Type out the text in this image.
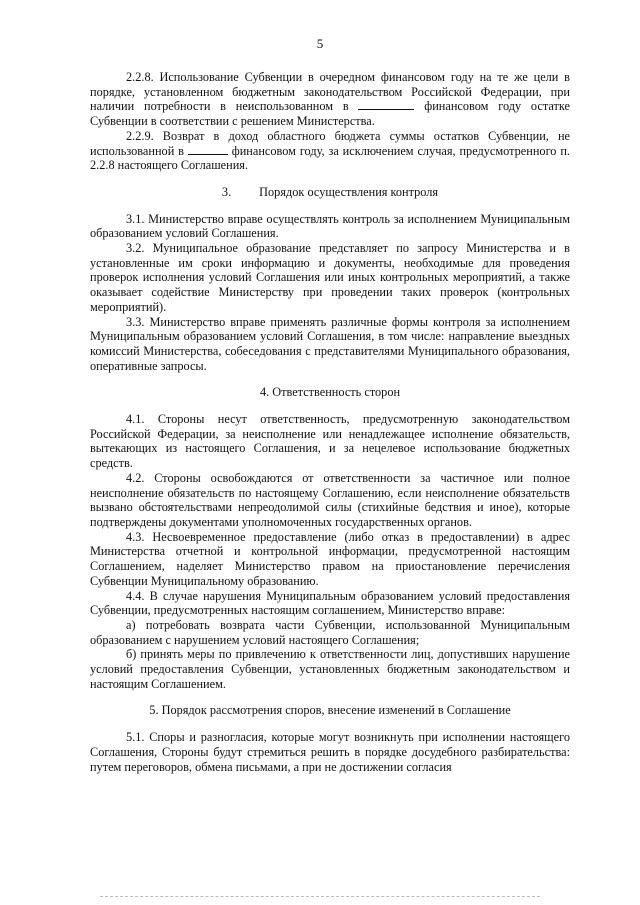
5

2.2.8. Использование Субвенции в очередном финансовом году на те же цели в порядке, установленном бюджетным законодательством Российской Федерации, при наличии потребности в неиспользованном в	финансовом году остатке Субвенции в соответствии с решением Министерства.

2.2.9. Возврат в доход областного бюджета суммы остатков Субвенции, не использованной в	финансовом году, за исключением случая, предусмотренного п. 2.2.8 настоящего Соглашения.

3. Порядок осуществления контроля

3.1. Министерство вправе осуществлять контроль за исполнением Муниципальным образованием условий Соглашения.

3.2. Муниципальное образование представляет по запросу Министерства и в установленные им сроки информацию и документы, необходимые для проведения проверок исполнения условий Соглашения или иных контрольных мероприятий, а также оказывает содействие Министерству при проведении таких проверок (контрольных мероприятий).

3.3. Министерство вправе применять различные формы контроля за исполнением Муниципальным образованием условий Соглашения, в том числе: направление выездных комиссий Министерства, собеседования с представителями Муниципального образования, оперативные запросы.

4. Ответственность сторон

4.1. Стороны несут ответственность, предусмотренную законодательством Российской Федерации, за неисполнение или ненадлежащее исполнение обязательств, вытекающих из настоящего Соглашения, и за нецелевое использование бюджетных средств.

4.2. Стороны освобождаются от ответственности за частичное или полное неисполнение обязательств по настоящему Соглашению, если неисполнение обязательств вызвано обстоятельствами непреодолимой силы (стихийные бедствия и иное), которые подтверждены документами уполномоченных государственных органов.

4.3. Несвоевременное предоставление (либо отказ в предоставлении) в адрес Министерства отчетной и контрольной информации, предусмотренной настоящим Соглашением, наделяет Министерство правом на приостановление перечисления Субвенции Муниципальному образованию.

4.4. В случае нарушения Муниципальным образованием условий предоставления Субвенции, предусмотренных настоящим соглашением, Министерство вправе:

а) потребовать возврата части Субвенции, использованной Муниципальным образованием с нарушением условий настоящего Соглашения;

б) принять меры по привлечению к ответственности лиц, допустивших нарушение условий предоставления Субвенции, установленных бюджетным законодательством и настоящим Соглашением.

5. Порядок рассмотрения споров, внесение изменений в Соглашение

5.1. Споры и разногласия, которые могут возникнуть при исполнении настоящего Соглашения, Стороны будут стремиться решить в порядке досудебного разбирательства: путем переговоров, обмена письмами, а при не достижении согласия
